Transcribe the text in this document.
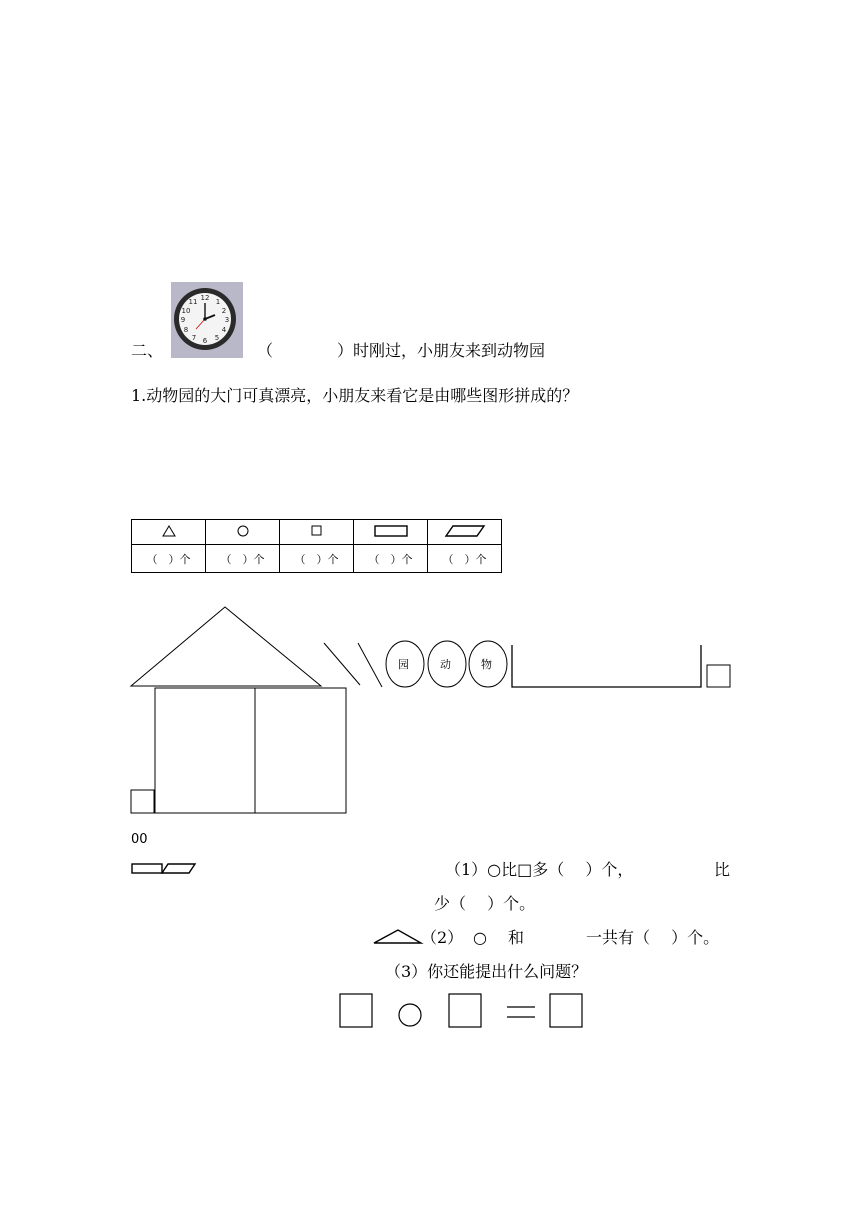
12 1
2
3
4
5
6
7
8
9
10
11
二、	（　　　　）时刚过，小朋友来到动物园
1.动物园的大门可真漂亮，小朋友来看它是由哪些图形拼成的？

（　）个	（　）个	（　）个	（　）个	（　）个
园	动	物
00
（1）○比□多（　 ）个，	比
少（　 ）个。
（2） ○ 和	一共有（　 ）个。
（3）你还能提出什么问题？
